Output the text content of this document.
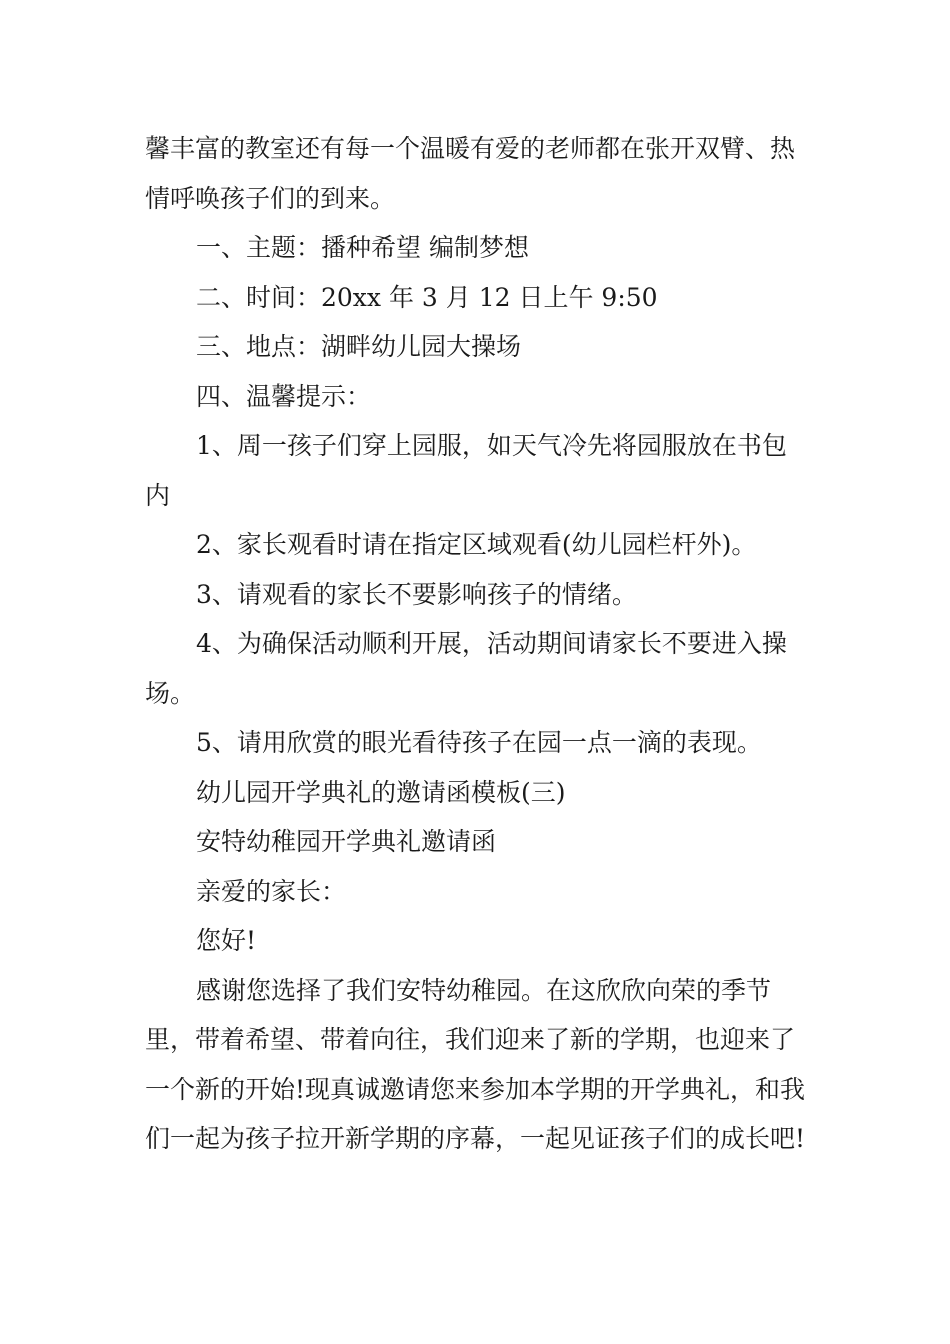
馨丰富的教室还有每一个温暖有爱的老师都在张开双臂、热情呼唤孩子们的到来。

一、主题：播种希望 编制梦想

二、时间：20xx 年 3 月 12 日上午 9:50

三、地点：湖畔幼儿园大操场

四、温馨提示：

1、周一孩子们穿上园服，如天气冷先将园服放在书包内

2、家长观看时请在指定区域观看(幼儿园栏杆外)。

3、请观看的家长不要影响孩子的情绪。

4、为确保活动顺利开展，活动期间请家长不要进入操场。

5、请用欣赏的眼光看待孩子在园一点一滴的表现。

幼儿园开学典礼的邀请函模板(三)

安特幼稚园开学典礼邀请函

亲爱的家长：

您好!

感谢您选择了我们安特幼稚园。在这欣欣向荣的季节里，带着希望、带着向往，我们迎来了新的学期，也迎来了一个新的开始!现真诚邀请您来参加本学期的开学典礼，和我们一起为孩子拉开新学期的序幕，一起见证孩子们的成长吧!
